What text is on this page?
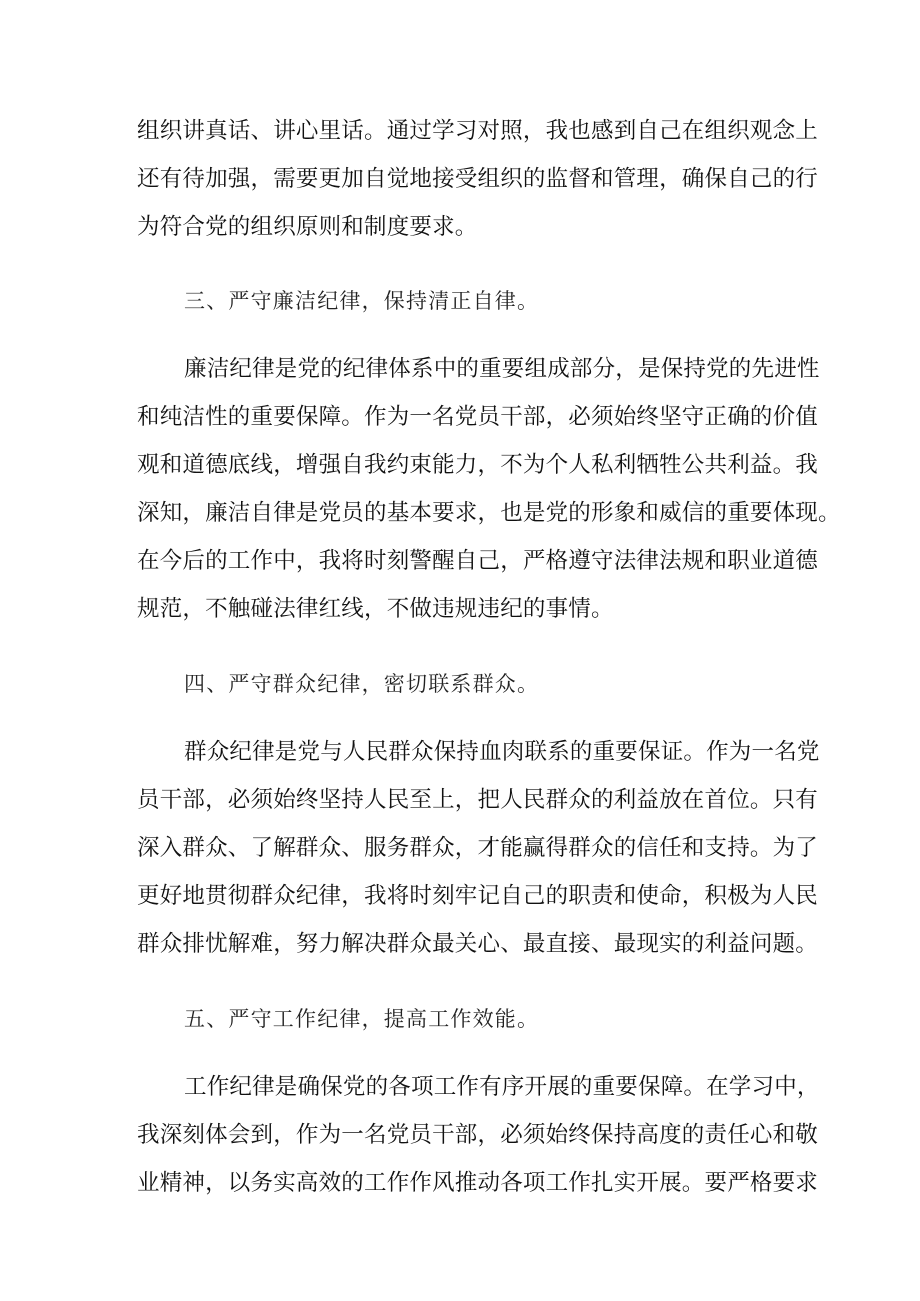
组织讲真话、讲心里话。通过学习对照，我也感到自己在组织观念上
还有待加强，需要更加自觉地接受组织的监督和管理，确保自己的行
为符合党的组织原则和制度要求。
三、严守廉洁纪律，保持清正自律。
廉洁纪律是党的纪律体系中的重要组成部分，是保持党的先进性
和纯洁性的重要保障。作为一名党员干部，必须始终坚守正确的价值
观和道德底线，增强自我约束能力，不为个人私利牺牲公共利益。我
深知，廉洁自律是党员的基本要求，也是党的形象和威信的重要体现。
在今后的工作中，我将时刻警醒自己，严格遵守法律法规和职业道德
规范，不触碰法律红线，不做违规违纪的事情。
四、严守群众纪律，密切联系群众。
群众纪律是党与人民群众保持血肉联系的重要保证。作为一名党
员干部，必须始终坚持人民至上，把人民群众的利益放在首位。只有
深入群众、了解群众、服务群众，才能赢得群众的信任和支持。为了
更好地贯彻群众纪律，我将时刻牢记自己的职责和使命，积极为人民
群众排忧解难，努力解决群众最关心、最直接、最现实的利益问题。
五、严守工作纪律，提高工作效能。
工作纪律是确保党的各项工作有序开展的重要保障。在学习中，
我深刻体会到，作为一名党员干部，必须始终保持高度的责任心和敬
业精神，以务实高效的工作作风推动各项工作扎实开展。要严格要求
